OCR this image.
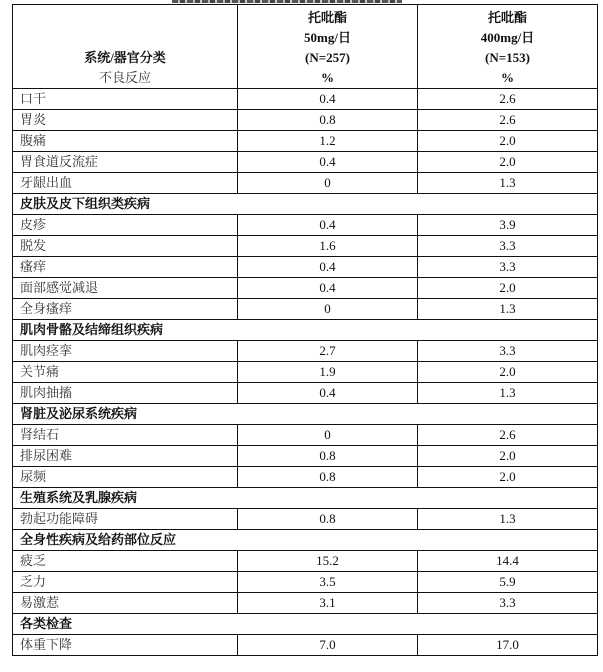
系统/器官分类
不良反应

托吡酯
50mg/日
(N=257)
%

托吡酯
400mg/日
(N=153)
%

口干	0.4	2.6
胃炎	0.8	2.6
腹痛	1.2	2.0
胃食道反流症	0.4	2.0
牙龈出血	0	1.3
皮肤及皮下组织类疾病		
皮疹	0.4	3.9
脱发	1.6	3.3
瘙痒	0.4	3.3
面部感觉减退	0.4	2.0
全身瘙痒	0	1.3
肌肉骨骼及结缔组织疾病		
肌肉痉挛	2.7	3.3
关节痛	1.9	2.0
肌肉抽搐	0.4	1.3
肾脏及泌尿系统疾病		
肾结石	0	2.6
排尿困难	0.8	2.0
尿频	0.8	2.0
生殖系统及乳腺疾病		
勃起功能障碍	0.8	1.3
全身性疾病及给药部位反应		
疲乏	15.2	14.4
乏力	3.5	5.9
易激惹	3.1	3.3
各类检查		
体重下降	7.0	17.0
